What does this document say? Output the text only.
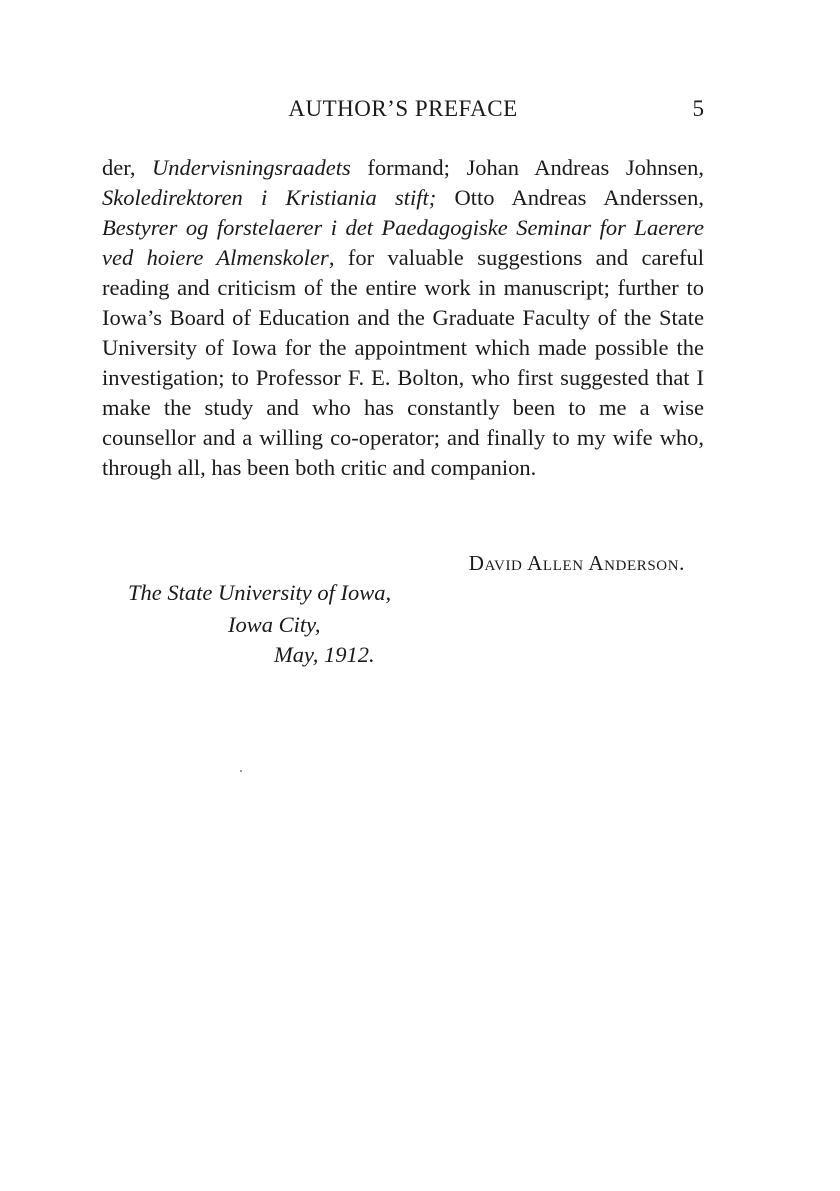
AUTHOR’S PREFACE	5

der, Undervisningsraadets formand; Johan Andreas Johnsen, Skoledirektoren i Kristiania stift; Otto Andreas Anderssen, Bestyrer og forstelaerer i det Paedagogiske Seminar for Laerere ved hoiere Almenskoler, for valuable suggestions and careful reading and criticism of the entire work in manuscript; further to Iowa’s Board of Education and the Graduate Faculty of the State University of Iowa for the appointment which made possible the investigation; to Professor F. E. Bolton, who first suggested that I make the study and who has constantly been to me a wise counsellor and a willing co-operator; and finally to my wife who, through all, has been both critic and companion.

David Allen Anderson.
The State University of Iowa,
Iowa City,
May, 1912.
